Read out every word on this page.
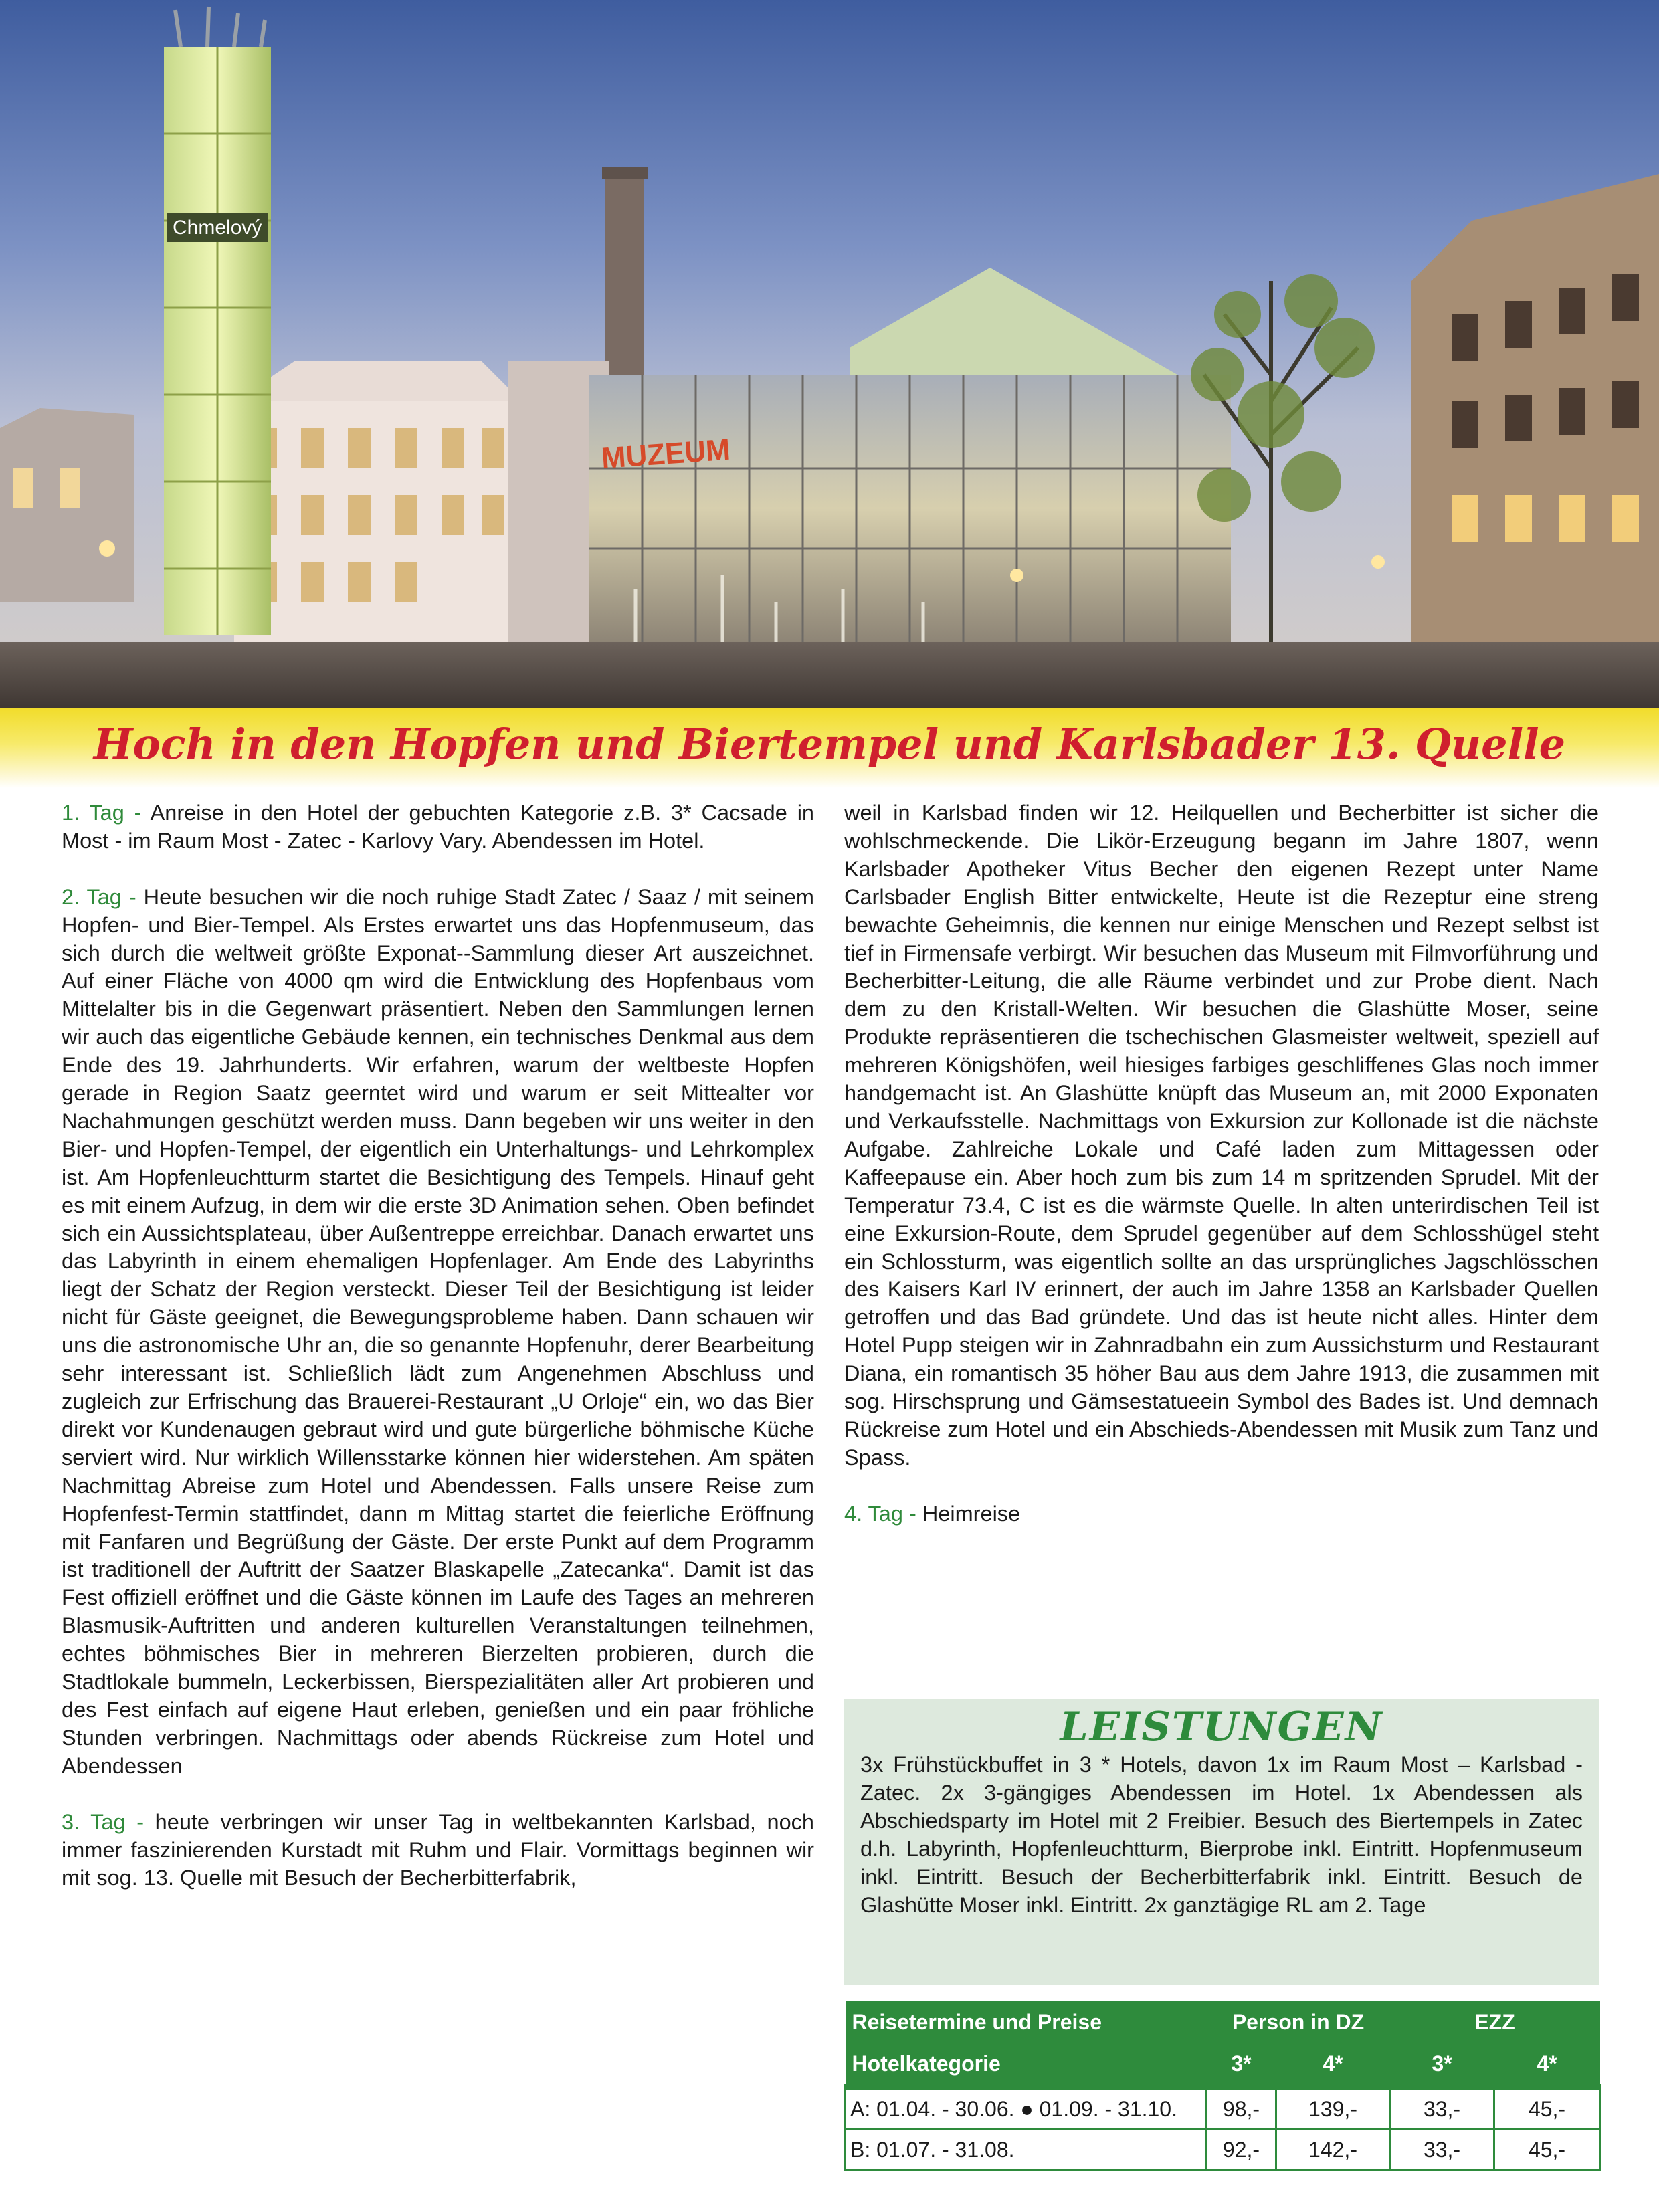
MUZEUM
Chmelový
Hoch in den Hopfen und Biertempel und Karlsbader 13. Quelle

1. Tag - Anreise in den Hotel der gebuchten Kategorie z.B. 3* Cacsade in Most - im Raum Most - Zatec - Karlovy Vary. Abendessen im Hotel.

2. Tag - Heute besuchen wir die noch ruhige Stadt Zatec / Saaz / mit seinem Hopfen- und Bier-Tempel. Als Erstes erwartet uns das Hopfenmuseum, das sich durch die weltweit größte Exponat--Sammlung dieser Art auszeichnet. Auf einer Fläche von 4000 qm wird die Entwicklung des Hopfenbaus vom Mittelalter bis in die Gegenwart präsentiert. Neben den Sammlungen lernen wir auch das eigentliche Gebäude kennen, ein technisches Denkmal aus dem Ende des 19. Jahrhunderts. Wir erfahren, warum der weltbeste Hopfen gerade in Region Saatz geerntet wird und warum er seit Mittealter vor Nachahmungen geschützt werden muss. Dann begeben wir uns weiter in den Bier- und Hopfen-Tempel, der eigentlich ein Unterhaltungs- und Lehrkomplex ist. Am Hopfenleuchtturm startet die Besichtigung des Tempels. Hinauf geht es mit einem Aufzug, in dem wir die erste 3D Animation sehen. Oben befindet sich ein Aussichtsplateau, über Außentreppe erreichbar. Danach erwartet uns das Labyrinth in einem ehemaligen Hopfenlager. Am Ende des Labyrinths liegt der Schatz der Region versteckt. Dieser Teil der Besichtigung ist leider nicht für Gäste geeignet, die Bewegungsprobleme haben. Dann schauen wir uns die astronomische Uhr an, die so genannte Hopfenuhr, derer Bearbeitung sehr interessant ist. Schließlich lädt zum Angenehmen Abschluss und zugleich zur Erfrischung das Brauerei-Restaurant „U Orloje“ ein, wo das Bier direkt vor Kundenaugen gebraut wird und gute bürgerliche böhmische Küche serviert wird. Nur wirklich Willensstarke können hier widerstehen. Am späten Nachmittag Abreise zum Hotel und Abendessen. Falls unsere Reise zum Hopfenfest-Termin stattfindet, dann m Mittag startet die feierliche Eröffnung mit Fanfaren und Begrüßung der Gäste. Der erste Punkt auf dem Programm ist traditionell der Auftritt der Saatzer Blaskapelle „Zatecanka“. Damit ist das Fest offiziell eröffnet und die Gäste können im Laufe des Tages an mehreren Blasmusik-Auftritten und anderen kulturellen Veranstaltungen teilnehmen, echtes böhmisches Bier in mehreren Bierzelten probieren, durch die Stadtlokale bummeln, Leckerbissen, Bierspezialitäten aller Art probieren und des Fest einfach auf eigene Haut erleben, genießen und ein paar fröhliche Stunden verbringen. Nachmittags oder abends Rückreise zum Hotel und Abendessen

3. Tag - heute verbringen wir unser Tag in weltbekannten Karlsbad, noch immer faszinierenden Kurstadt mit Ruhm und Flair. Vormittags beginnen wir mit sog. 13. Quelle mit Besuch der Becherbitterfabrik,

weil in Karlsbad finden wir 12. Heilquellen und Becherbitter ist sicher die wohlschmeckende. Die Likör-Erzeugung begann im Jahre 1807, wenn Karlsbader Apotheker Vitus Becher den eigenen Rezept unter Name Carlsbader English Bitter entwickelte, Heute ist die Rezeptur eine streng bewachte Geheimnis, die kennen nur einige Menschen und Rezept selbst ist tief in Firmensafe verbirgt. Wir besuchen das Museum mit Filmvorführung und Becherbitter-Leitung, die alle Räume verbindet und zur Probe dient. Nach dem zu den Kristall-Welten. Wir besuchen die Glashütte Moser, seine Produkte repräsentieren die tschechischen Glasmeister weltweit, speziell auf mehreren Königshöfen, weil hiesiges farbiges geschliffenes Glas noch immer handgemacht ist. An Glashütte knüpft das Museum an, mit 2000 Exponaten und Verkaufsstelle. Nachmittags von Exkursion zur Kollonade ist die nächste Aufgabe. Zahlreiche Lokale und Café laden zum Mittagessen oder Kaffeepause ein. Aber hoch zum bis zum 14 m spritzenden Sprudel. Mit der Temperatur 73.4, C ist es die wärmste Quelle. In alten unterirdischen Teil ist eine Exkursion-Route, dem Sprudel gegenüber auf dem Schlosshügel steht ein Schlossturm, was eigentlich sollte an das ursprüngliches Jagschlösschen des Kaisers Karl IV erinnert, der auch im Jahre 1358 an Karlsbader Quellen getroffen und das Bad gründete. Und das ist heute nicht alles. Hinter dem Hotel Pupp steigen wir in Zahnradbahn ein zum Aussichsturm und Restaurant Diana, ein romantisch 35 höher Bau aus dem Jahre 1913, die zusammen mit sog. Hirschsprung und Gämsestatueein Symbol des Bades ist. Und demnach Rückreise zum Hotel und ein Abschieds-Abendessen mit Musik zum Tanz und Spass.

4. Tag - Heimreise

LEISTUNGEN

3x Frühstückbuffet in 3 * Hotels, davon 1x im Raum Most – Karlsbad - Zatec. 2x 3-gängiges Abendessen im Hotel. 1x Abendessen als Abschiedsparty im Hotel mit 2 Freibier. Besuch des Biertempels in Zatec d.h. Labyrinth, Hopfenleuchtturm, Bierprobe inkl. Eintritt. Hopfenmuseum inkl. Eintritt. Besuch der Becherbitterfabrik inkl. Eintritt. Besuch de Glashütte Moser inkl. Eintritt. 2x ganztägige RL am 2. Tage

Reisetermine und Preise	Person in DZ		EZZ	
Hotelkategorie	3*	4*	3*	4*
A: 01.04. - 30.06. ● 01.09. - 31.10.	98,-	139,-	33,-	45,-
B: 01.07. - 31.08.	92,-	142,-	33,-	45,-
